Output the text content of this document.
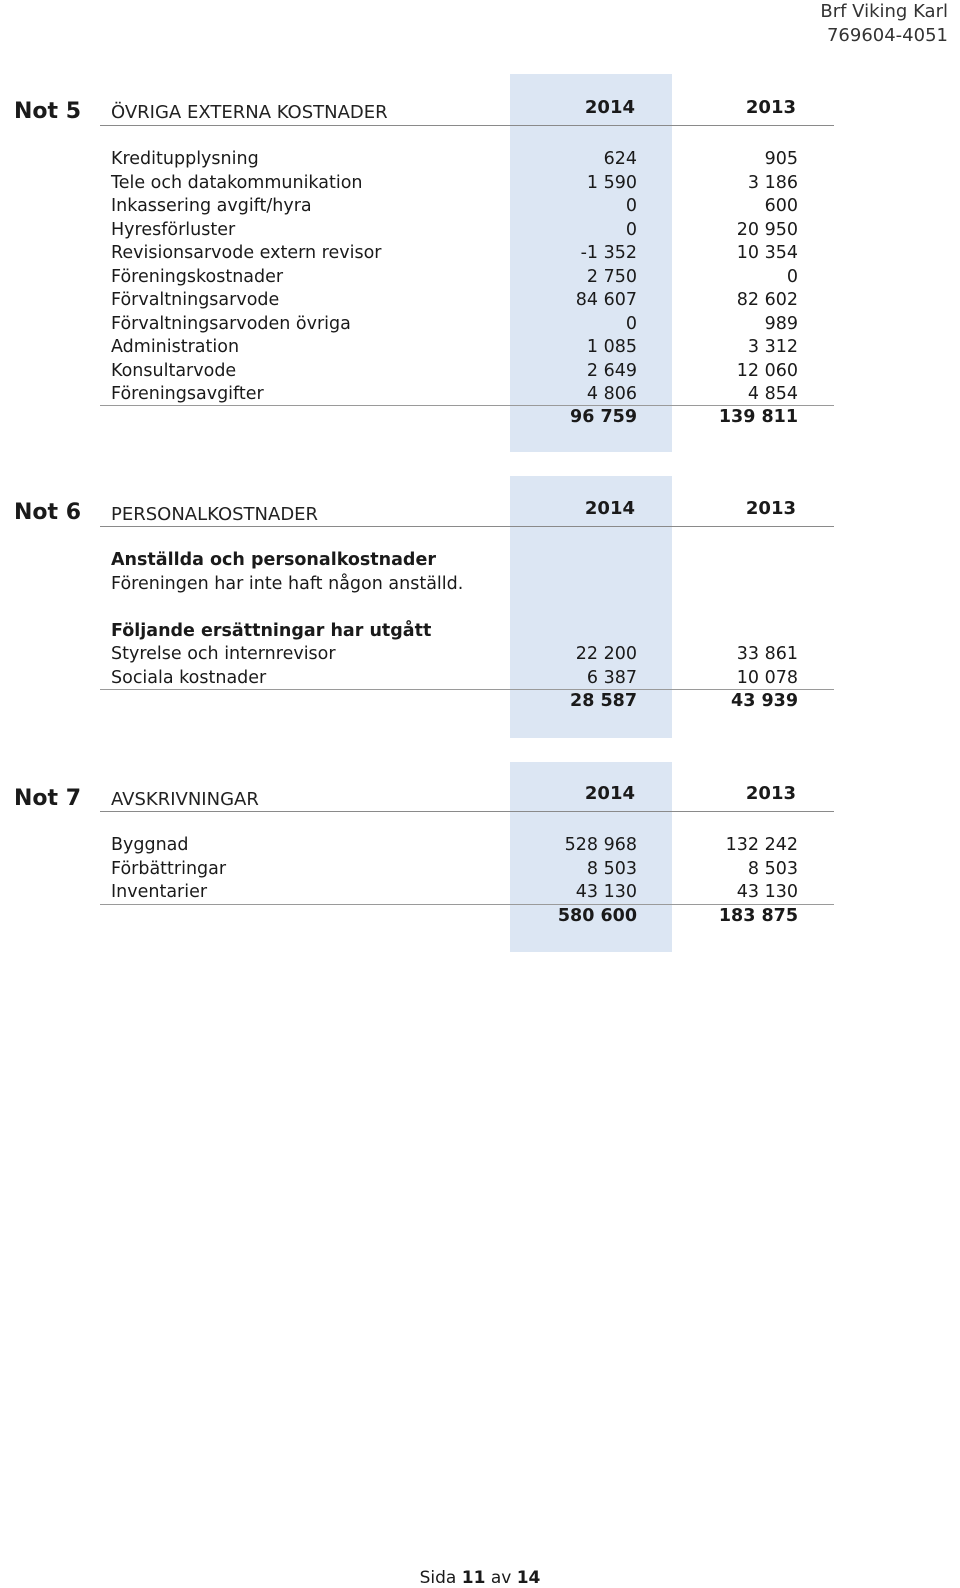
Brf Viking Karl
769604-4051
Not 5 ÖVRIGA EXTERNA KOSTNADER	2014	2013
Kreditupplysning	624	905
Tele och datakommunikation	1 590	3 186
Inkassering avgift/hyra	0	600
Hyresförluster	0	20 950
Revisionsarvode extern revisor	-1 352	10 354
Föreningskostnader	2 750	0
Förvaltningsarvode	84 607	82 602
Förvaltningsarvoden övriga	0	989
Administration	1 085	3 312
Konsultarvode	2 649	12 060
Föreningsavgifter	4 806	4 854
96 759	139 811
Not 6 PERSONALKOSTNADER	2014	2013
Anställda och personalkostnader
Föreningen har inte haft någon anställd.
Följande ersättningar har utgått
Styrelse och internrevisor	22 200	33 861
Sociala kostnader	6 387	10 078
28 587	43 939
Not 7 AVSKRIVNINGAR	2014	2013
Byggnad	528 968	132 242
Förbättringar	8 503	8 503
Inventarier	43 130	43 130
580 600	183 875
Sida 11 av 14
